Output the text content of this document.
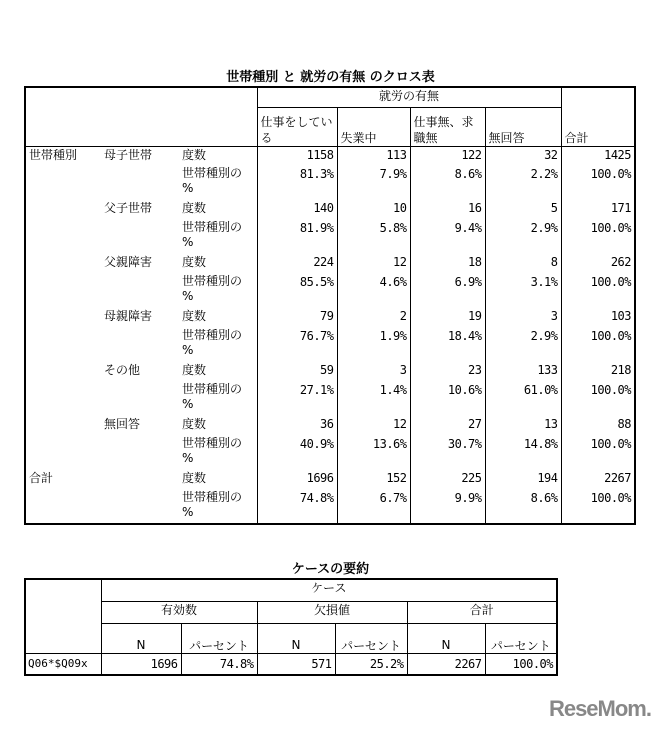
世帯種別 と 就労の有無 のクロス表
			就労の有無				合計
			仕事をしている	失業中	仕事無、求職無	無回答	
世帯種別	母子世帯	度数	1158	113	122	32	1425
		世帯種別の %	81.3%	7.9%	8.6%	2.2%	100.0%
	父子世帯	度数	140	10	16	5	171
		世帯種別の %	81.9%	5.8%	9.4%	2.9%	100.0%
	父親障害	度数	224	12	18	8	262
		世帯種別の %	85.5%	4.6%	6.9%	3.1%	100.0%
	母親障害	度数	79	2	19	3	103
		世帯種別の %	76.7%	1.9%	18.4%	2.9%	100.0%
	その他	度数	59	3	23	133	218
		世帯種別の %	27.1%	1.4%	10.6%	61.0%	100.0%
	無回答	度数	36	12	27	13	88
		世帯種別の %	40.9%	13.6%	30.7%	14.8%	100.0%
合計		度数	1696	152	225	194	2267
		世帯種別の %	74.8%	6.7%	9.9%	8.6%	100.0%
ケースの要約
	ケース					
	有効数		欠損値		合計	
	N	パーセント	N	パーセント	N	パーセント
Q06*$Q09x	1696	74.8%	571	25.2%	2267	100.0%
ReseMom.
